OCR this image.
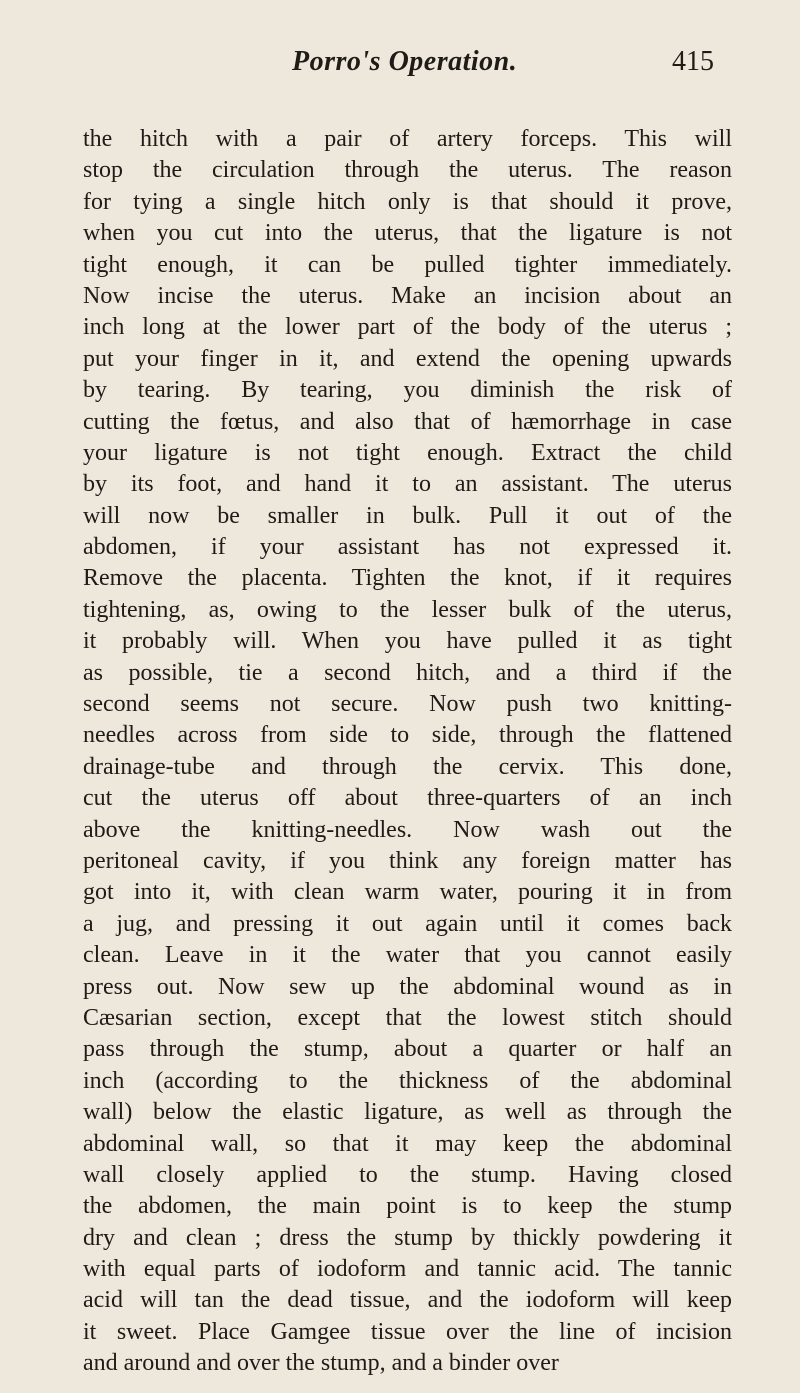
Porro's Operation.	415
the hitch with a pair of artery forceps. This will
stop the circulation through the uterus. The reason
for tying a single hitch only is that should it prove,
when you cut into the uterus, that the ligature is not
tight enough, it can be pulled tighter immediately.
Now incise the uterus. Make an incision about an
inch long at the lower part of the body of the uterus ;
put your finger in it, and extend the opening upwards
by tearing. By tearing, you diminish the risk of
cutting the fœtus, and also that of hæmorrhage in case
your ligature is not tight enough. Extract the child
by its foot, and hand it to an assistant. The uterus
will now be smaller in bulk. Pull it out of the
abdomen, if your assistant has not expressed it.
Remove the placenta. Tighten the knot, if it requires
tightening, as, owing to the lesser bulk of the uterus,
it probably will. When you have pulled it as tight
as possible, tie a second hitch, and a third if the
second seems not secure. Now push two knitting-
needles across from side to side, through the flattened
drainage-tube and through the cervix. This done,
cut the uterus off about three-quarters of an inch
above the knitting-needles. Now wash out the
peritoneal cavity, if you think any foreign matter has
got into it, with clean warm water, pouring it in from
a jug, and pressing it out again until it comes back
clean. Leave in it the water that you cannot easily
press out. Now sew up the abdominal wound as in
Cæsarian section, except that the lowest stitch should
pass through the stump, about a quarter or half an
inch (according to the thickness of the abdominal
wall) below the elastic ligature, as well as through the
abdominal wall, so that it may keep the abdominal
wall closely applied to the stump. Having closed
the abdomen, the main point is to keep the stump
dry and clean ; dress the stump by thickly powdering it
with equal parts of iodoform and tannic acid. The tannic
acid will tan the dead tissue, and the iodoform will keep
it sweet. Place Gamgee tissue over the line of incision
and around and over the stump, and a binder over
